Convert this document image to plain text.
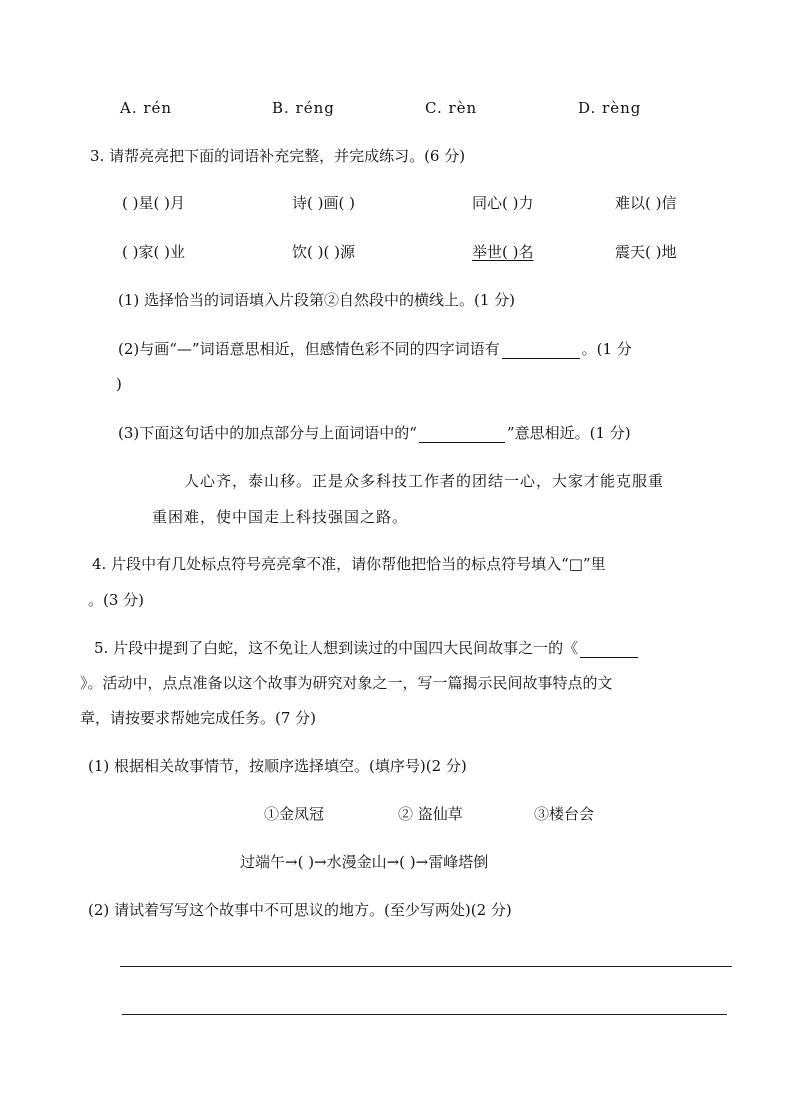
A. rén	B. réng	C. rèn	D. rèng
3. 请帮亮亮把下面的词语补充完整，并完成练习。(6 分)
( )星( )月	诗( )画( )	同心( )力	难以( )信
( )家( )业	饮( )( )源	举世( )名	震天( )地
(1) 选择恰当的词语填入片段第②自然段中的横线上。(1 分)
(2)与画“—”词语意思相近，但感情色彩不同的四字词语有	。(1 分
)
(3)下面这句话中的加点部分与上面词语中的“	”意思相近。(1 分)
人心齐，泰山移。正是众多科技工作者的团结一心，大家才能克服重
重困难，使中国走上科技强国之路。
4. 片段中有几处标点符号亮亮拿不准，请你帮他把恰当的标点符号填入“□”里
。(3 分)
5. 片段中提到了白蛇，这不免让人想到读过的中国四大民间故事之一的《
》。活动中，点点准备以这个故事为研究对象之一，写一篇揭示民间故事特点的文
章，请按要求帮她完成任务。(7 分)
(1) 根据相关故事情节，按顺序选择填空。(填序号)(2 分)
①金凤冠	② 盗仙草	③楼台会
过端午→( )→水漫金山→( )→雷峰塔倒
(2) 请试着写写这个故事中不可思议的地方。(至少写两处)(2 分)
